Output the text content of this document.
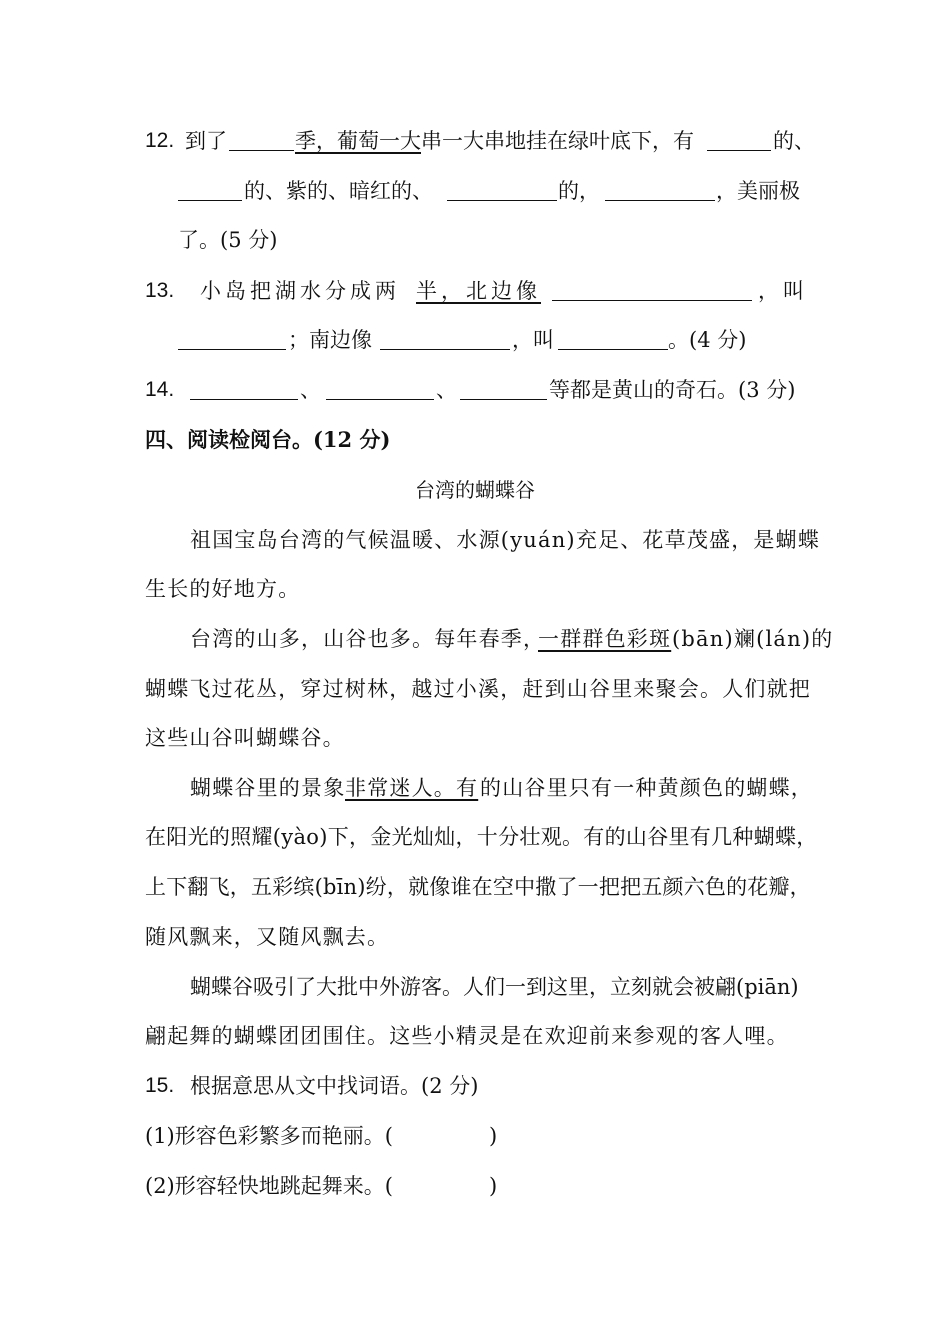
12. 到了	季，葡萄一大 串一大串地挂在绿叶底下，有	的、
的、紫的、暗红的、	的，	，美丽极
了。(5 分)
13. 小岛把湖水分成两 半，北边像	，叫
；南边像	，叫	。(4 分)
14.	、	、	等都是黄山的奇石。(3 分)
四、阅读检阅台。(12 分)
台湾的蝴蝶谷
祖国宝岛台湾的气候温暖、水源(yuán)充足、花草茂盛，是蝴蝶
生长的好地方。
台湾的山多，山谷也多。每年春季，
一群群色彩斑 (bān)斓(lán)的
蝴蝶飞过花丛，穿过树林，越过小溪，赶到山谷里来聚会。人们就把
这些山谷叫蝴蝶谷。
蝴蝶谷里的景象 非常迷人。有 的山谷里只有一种黄颜色的蝴蝶，
在阳光的照耀(yào)下，金光灿灿，十分壮观。有的山谷里有几种蝴蝶，
上下翻飞，五彩缤(bīn)纷，就像谁在空中撒了一把把五颜六色的花瓣，
随风飘来，又随风飘去。
蝴蝶谷吸引了大批中外游客。人们一到这里，立刻就会被翩(piān)
翩起舞的蝴蝶团团围住。这些小精灵是在欢迎前来参观的客人哩。
15. 根据意思从文中找词语。(2 分)
(1)形容色彩繁多而艳丽。(	)
(2)形容轻快地跳起舞来。(	)
